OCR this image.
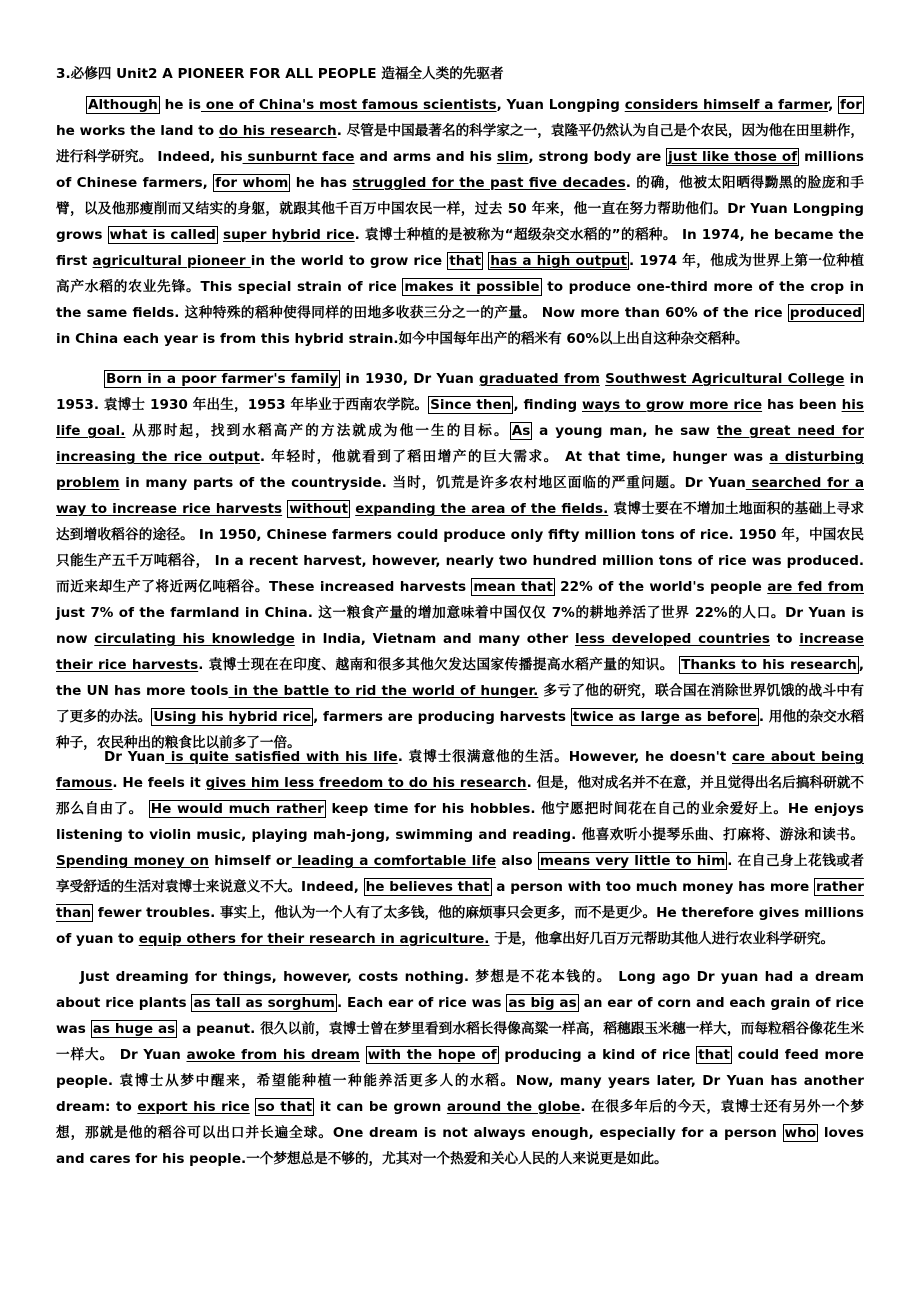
3.必修四 Unit2 A PIONEER FOR ALL PEOPLE 造福全人类的先驱者
Although he is one of China's most famous scientists, Yuan Longping considers himself a farmer, for he works the land to do his research. 尽管是中国最著名的科学家之一，袁隆平仍然认为自己是个农民，因为他在田里耕作，进行科学研究。 Indeed, his sunburnt face and arms and his slim, strong body are just like those of millions of Chinese farmers, for whom he has struggled for the past five decades. 的确，他被太阳晒得黝黑的脸庞和手臂，以及他那瘦削而又结实的身躯，就跟其他千百万中国农民一样，过去 50 年来，他一直在努力帮助他们。Dr Yuan Longping grows what is called super hybrid rice. 袁博士种植的是被称为“超级杂交水稻的”的稻种。 In 1974, he became the first agricultural pioneer in the world to grow rice that has a high output . 1974 年，他成为世界上第一位种植高产水稻的农业先锋。This special strain of rice makes it possible to produce one-third more of the crop in the same fields. 这种特殊的稻种使得同样的田地多收获三分之一的产量。 Now more than 60% of the rice produced in China each year is from this hybrid strain.如今中国每年出产的稻米有 60%以上出自这种杂交稻种。
Born in a poor farmer's family in 1930, Dr Yuan graduated from Southwest Agricultural College in 1953. 袁博士 1930 年出生，1953 年毕业于西南农学院。 Since then , finding ways to grow more rice has been his life goal. 从那时起，找到水稻高产的方法就成为他一生的目标。 As a young man, he saw the great need for increasing the rice output. 年轻时，他就看到了稻田增产的巨大需求。 At that time, hunger was a disturbing problem in many parts of the countryside. 当时，饥荒是许多农村地区面临的严重问题。Dr Yuan searched for a way to increase rice harvests without expanding the area of the fields. 袁博士要在不增加土地面积的基础上寻求达到增收稻谷的途径。 In 1950, Chinese farmers could produce only fifty million tons of rice. 1950 年，中国农民只能生产五千万吨稻谷， In a recent harvest, however, nearly two hundred million tons of rice was produced. 而近来却生产了将近两亿吨稻谷。These increased harvests mean that 22% of the world's people are fed from just 7% of the farmland in China. 这一粮食产量的增加意味着中国仅仅 7%的耕地养活了世界 22%的人口。Dr Yuan is now circulating his knowledge in India, Vietnam and many other less developed countries to increase their rice harvests. 袁博士现在在印度、越南和很多其他欠发达国家传播提高水稻产量的知识。 Thanks to his research , the UN has more tools in the battle to rid the world of hunger. 多亏了他的研究，联合国在消除世界饥饿的战斗中有了更多的办法。 Using his hybrid rice , farmers are producing harvests twice as large as before . 用他的杂交水稻种子，农民种出的粮食比以前多了一倍。
Dr Yuan is quite satisfied with his life. 袁博士很满意他的生活。However, he doesn't care about being famous. He feels it gives him less freedom to do his research. 但是，他对成名并不在意，并且觉得出名后搞科研就不那么自由了。 He would much rather keep time for his hobbles. 他宁愿把时间花在自己的业余爱好上。He enjoys listening to violin music, playing mah-jong, swimming and reading. 他喜欢听小提琴乐曲、打麻将、游泳和读书。Spending money on himself or leading a comfortable life also means very little to him . 在自己身上花钱或者享受舒适的生活对袁博士来说意义不大。Indeed, he believes that a person with too much money has more rather than fewer troubles. 事实上，他认为一个人有了太多钱，他的麻烦事只会更多，而不是更少。He therefore gives millions of yuan to equip others for their research in agriculture. 于是，他拿出好几百万元帮助其他人进行农业科学研究。
Just dreaming for things, however, costs nothing. 梦想是不花本钱的。 Long ago Dr yuan had a dream about rice plants as tall as sorghum . Each ear of rice was as big as an ear of corn and each grain of rice was as huge as a peanut. 很久以前，袁博士曾在梦里看到水稻长得像高粱一样高，稻穗跟玉米穗一样大，而每粒稻谷像花生米一样大。 Dr Yuan awoke from his dream with the hope of producing a kind of rice that could feed more people. 袁博士从梦中醒来，希望能种植一种能养活更多人的水稻。Now, many years later, Dr Yuan has another dream: to export his rice so that it can be grown around the globe. 在很多年后的今天，袁博士还有另外一个梦想，那就是他的稻谷可以出口并长遍全球。One dream is not always enough, especially for a person who loves and cares for his people.一个梦想总是不够的，尤其对一个热爱和关心人民的人来说更是如此。
